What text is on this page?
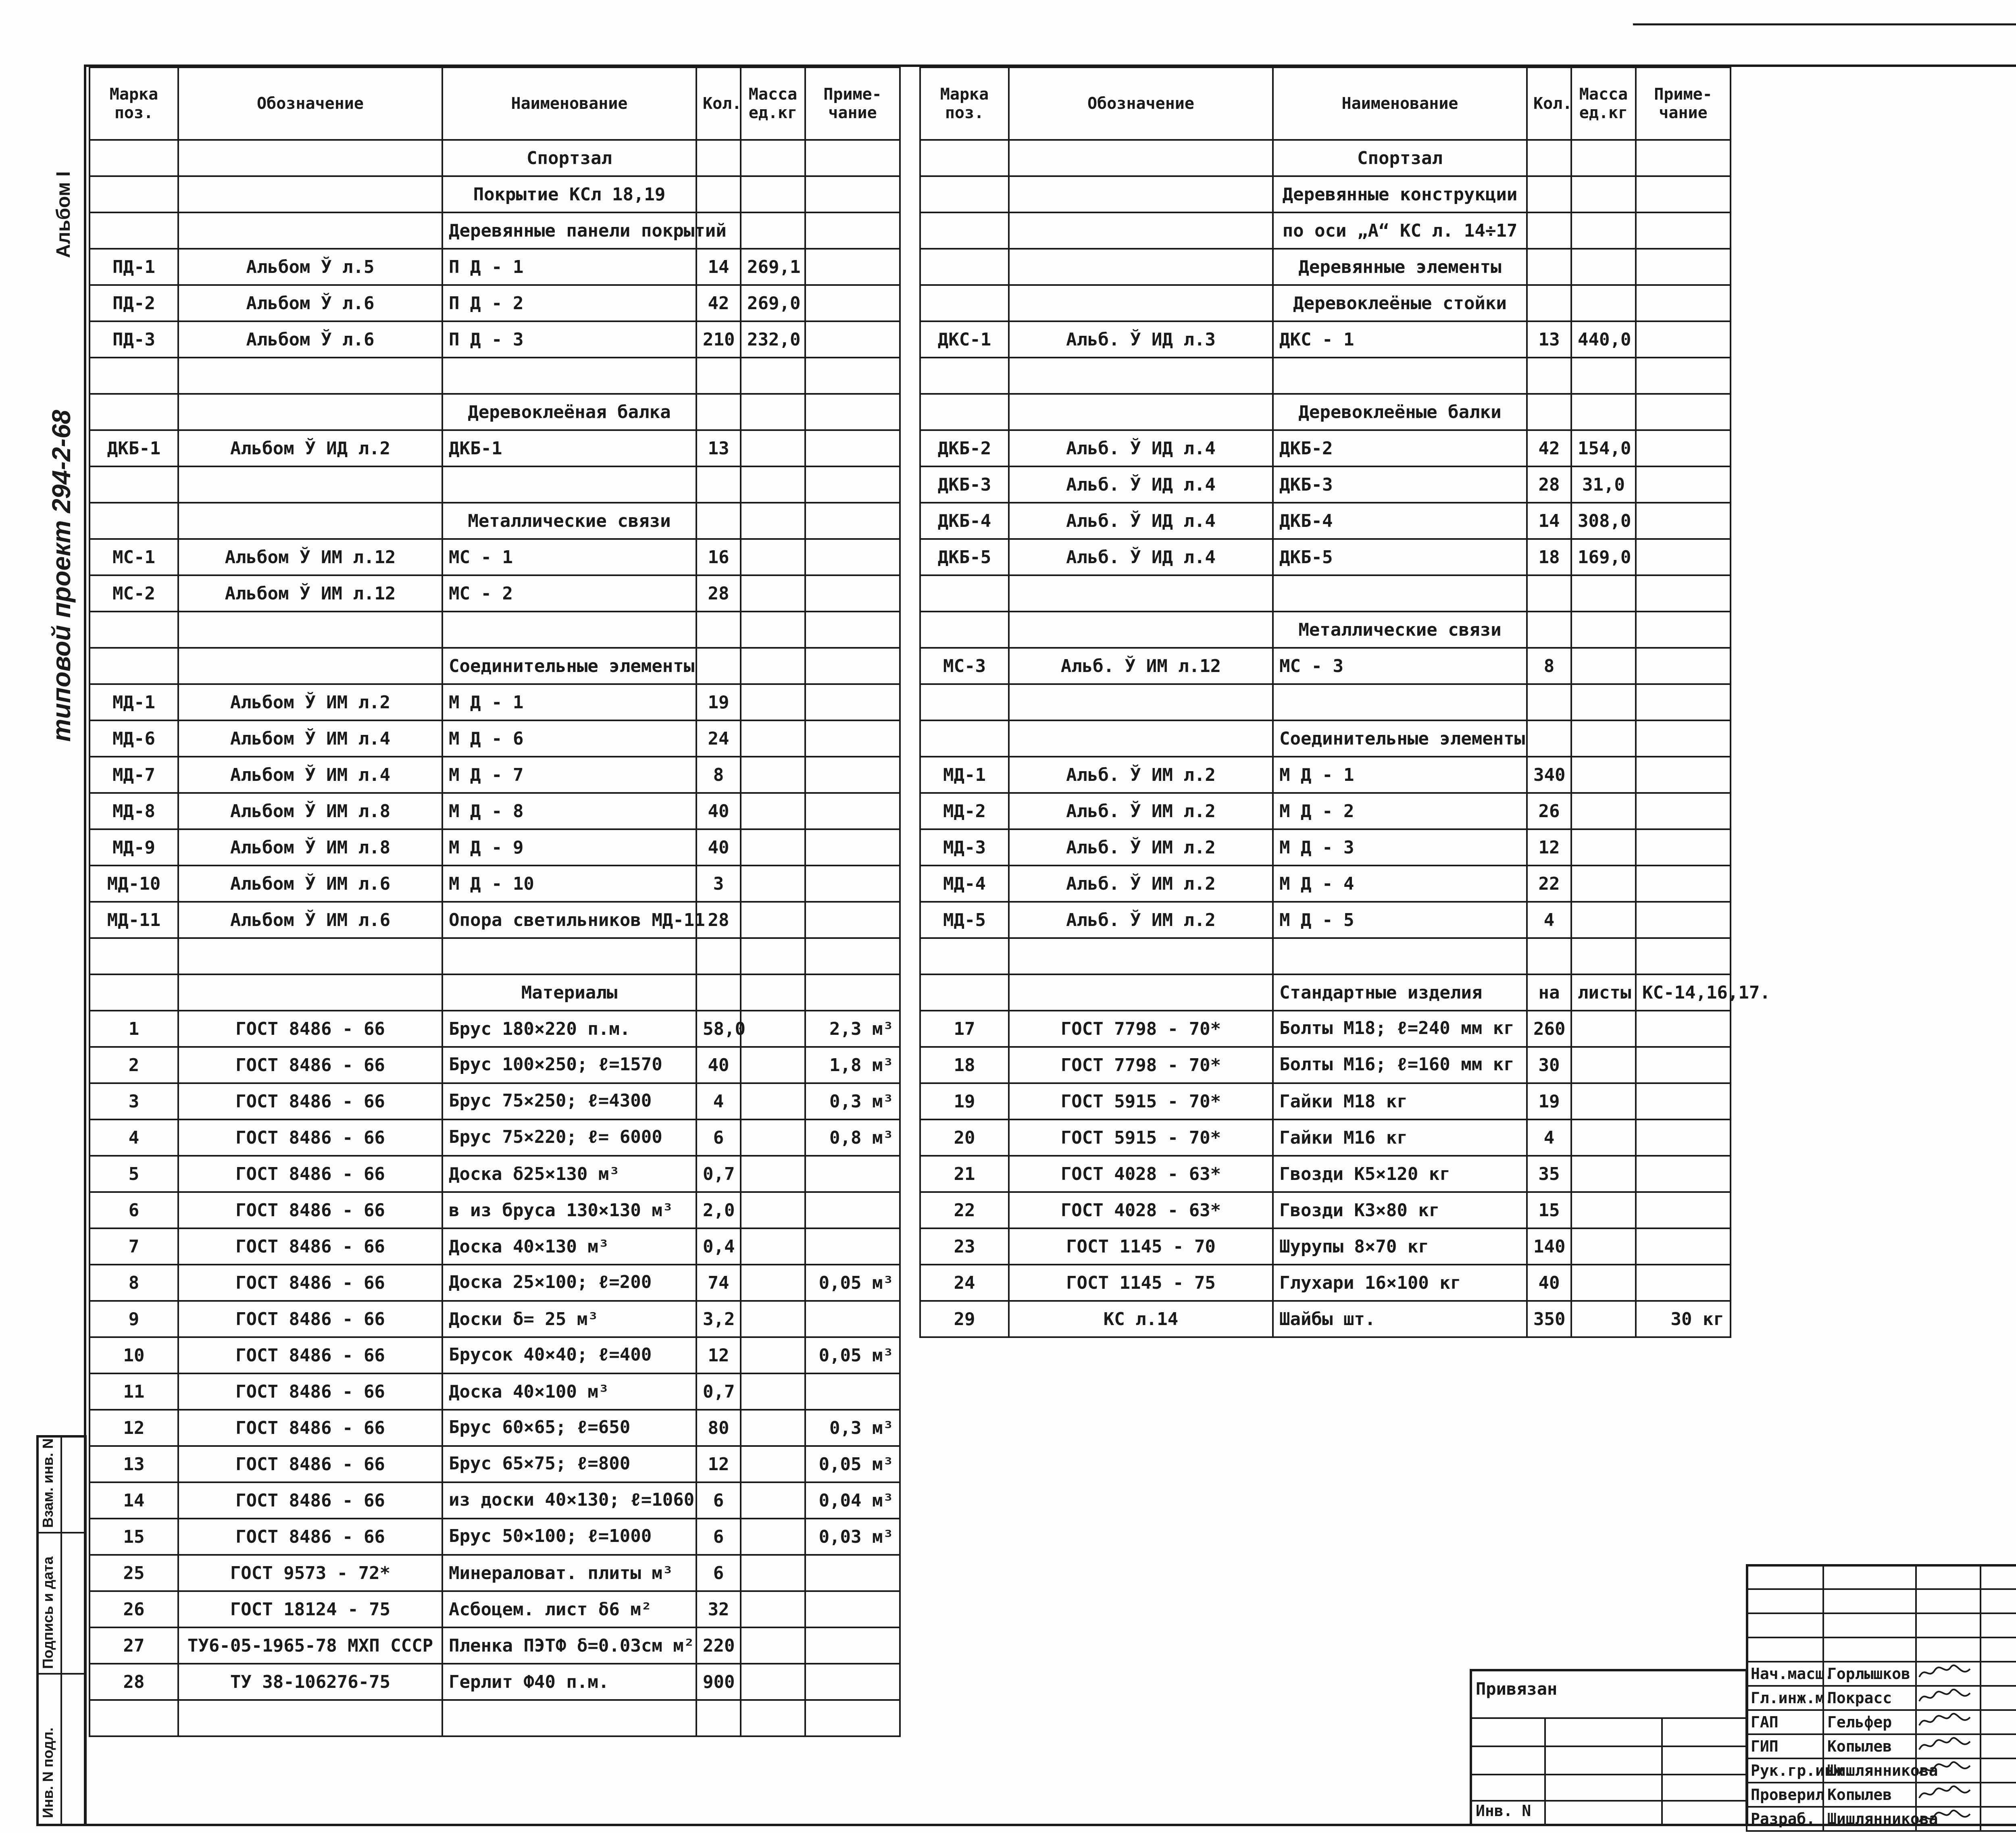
типовой проект 294-2-68
Альбом I
Инв. N подл.
Подпись и дата
Взам. инв. N
Марка поз.	Обозначение	Наименование	Кол.	Масса ед.кг	Приме-чание
		Спортзал			
		Покрытие КСл 18,19			
		Деревянные панели покрытий			
ПД-1	Альбом Ў л.5	П Д - 1	14	269,1	
ПД-2	Альбом Ў л.6	П Д - 2	42	269,0	
ПД-3	Альбом Ў л.6	П Д - 3	210	232,0	

		Деревоклеёная балка			
ДКБ-1	Альбом Ў ИД л.2	ДКБ-1	13		

		Металлические связи			
МС-1	Альбом Ў ИМ л.12	МС - 1	16		
МС-2	Альбом Ў ИМ л.12	МС - 2	28		

		Соединительные элементы			
МД-1	Альбом Ў ИМ л.2	М Д - 1	19		
МД-6	Альбом Ў ИМ л.4	М Д - 6	24		
МД-7	Альбом Ў ИМ л.4	М Д - 7	8		
МД-8	Альбом Ў ИМ л.8	М Д - 8	40		
МД-9	Альбом Ў ИМ л.8	М Д - 9	40		
МД-10	Альбом Ў ИМ л.6	М Д - 10	3		
МД-11	Альбом Ў ИМ л.6	Опора светильников МД-11	28		

		Материалы			
1	ГОСТ 8486 - 66	Брус 180×220 п.м.	58,0		2,3 м³
2	ГОСТ 8486 - 66	Брус 100×250; ℓ=1570	40		1,8 м³
3	ГОСТ 8486 - 66	Брус 75×250; ℓ=4300	4		0,3 м³
4	ГОСТ 8486 - 66	Брус 75×220; ℓ= 6000	6		0,8 м³
5	ГОСТ 8486 - 66	Доска δ25×130 м³	0,7		
6	ГОСТ 8486 - 66	в из бруса 130×130 м³	2,0		
7	ГОСТ 8486 - 66	Доска 40×130 м³	0,4		
8	ГОСТ 8486 - 66	Доска 25×100; ℓ=200	74		0,05 м³
9	ГОСТ 8486 - 66	Доски δ= 25 м³	3,2		
10	ГОСТ 8486 - 66	Брусок 40×40; ℓ=400	12		0,05 м³
11	ГОСТ 8486 - 66	Доска 40×100 м³	0,7		
12	ГОСТ 8486 - 66	Брус 60×65; ℓ=650	80		0,3 м³
13	ГОСТ 8486 - 66	Брус 65×75; ℓ=800	12		0,05 м³
14	ГОСТ 8486 - 66	из доски 40×130; ℓ=1060	6		0,04 м³
15	ГОСТ 8486 - 66	Брус 50×100; ℓ=1000	6		0,03 м³
25	ГОСТ 9573 - 72*	Минераловат. плиты м³	6		
26	ГОСТ 18124 - 75	Асбоцем. лист δ6 м²	32		
27	ТУ6-05-1965-78 МХП СССР	Пленка ПЭТФ δ=0.03см м²	220		
28	ТУ 38-106276-75	Герлит Ф40 п.м.	900		

Марка поз.	Обозначение	Наименование	Кол.	Масса ед.кг	Приме-чание
		Спортзал			
		Деревянные конструкции			
		по оси „А“ КС л. 14÷17			
		Деревянные элементы			
		Деревоклеёные стойки			
ДКС-1	Альб. Ў ИД л.3	ДКС - 1	13	440,0	

		Деревоклеёные балки			
ДКБ-2	Альб. Ў ИД л.4	ДКБ-2	42	154,0	
ДКБ-3	Альб. Ў ИД л.4	ДКБ-3	28	31,0	
ДКБ-4	Альб. Ў ИД л.4	ДКБ-4	14	308,0	
ДКБ-5	Альб. Ў ИД л.4	ДКБ-5	18	169,0	

		Металлические связи			
МС-3	Альб. Ў ИМ л.12	МС - 3	8		

		Соединительные элементы			
МД-1	Альб. Ў ИМ л.2	М Д - 1	340		
МД-2	Альб. Ў ИМ л.2	М Д - 2	26		
МД-3	Альб. Ў ИМ л.2	М Д - 3	12		
МД-4	Альб. Ў ИМ л.2	М Д - 4	22		
МД-5	Альб. Ў ИМ л.2	М Д - 5	4		

		Стандартные изделия	на	листы	КС-14,16,17.
17	ГОСТ 7798 - 70*	Болты М18; ℓ=240 мм кг	260		
18	ГОСТ 7798 - 70*	Болты М16; ℓ=160 мм кг	30		
19	ГОСТ 5915 - 70*	Гайки М18 кг	19		
20	ГОСТ 5915 - 70*	Гайки М16 кг	4		
21	ГОСТ 4028 - 63*	Гвозди К5×120 кг	35		
22	ГОСТ 4028 - 63*	Гвозди К3×80 кг	15		
23	ГОСТ 1145 - 70	Шурупы 8×70 кг	140		
24	ГОСТ 1145 - 75	Глухари 16×100 кг	40		
29	КС л.14	Шайбы шт.	350		30 кг
Привязан
Инв. N

Нач.масш.	Горлышков		
Гл.инж.м.	Покрасс		
ГАП	Гельфер		
ГИП	Копылев		
Рук.гр.инж.	Шишлянникова		
Проверил	Копылев		
Разраб.	Шишлянникова		
